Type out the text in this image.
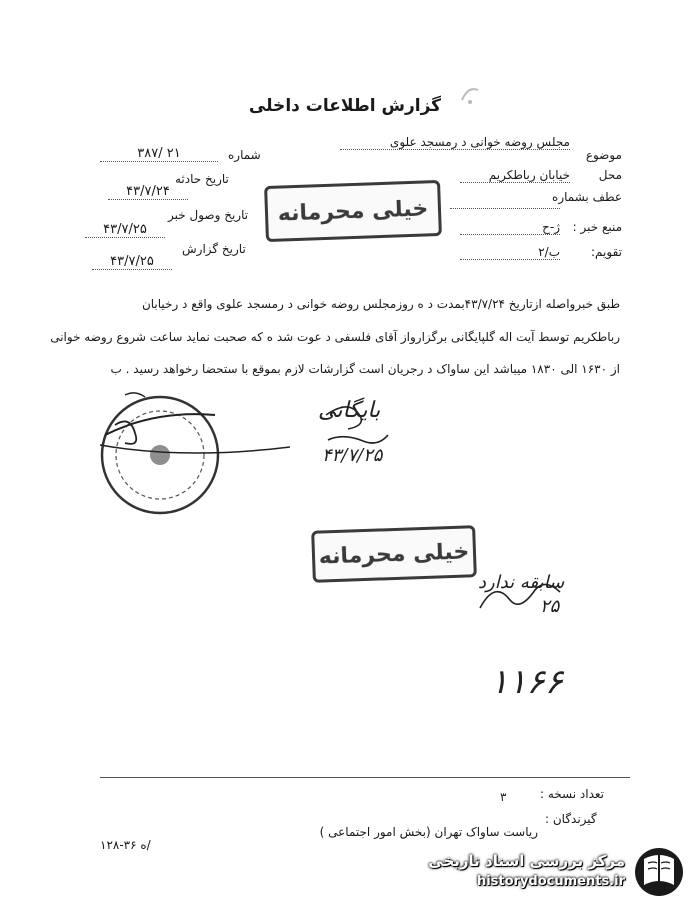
گزارش اطلاعات داخلی
موضوع
مجلس روضه خوانی د رمسجد علوی
محل
خیابان رباطکریم
عطف بشماره
منبع خبر :
ژ-ح
تقویم:
ب/۲
شماره
۳۸۷/ ۲۱
تاریخ حادثه
۴۳/۷/۲۴
تاریخ وصول خبر
۴۳/۷/۲۵
تاریخ گزارش
۴۳/۷/۲۵
خیلی محرمانه
طبق خبرواصله ازتاریخ ۴۳/۷/۲۴بمدت د ه روزمجلس روضه خوانی د رمسجد علوی واقع د رخیابان
رباطکریم توسط آیت اله گلپایگانی برگزارواز آقای فلسفی د عوت شد ه که صحبت نماید ساعت شروع روضه خوانی
از ۱۶۳۰ الی ۱۸۳۰ میباشد این ساواک د رجریان است گزارشات لازم بموقع با ستحضا رخواهد رسید . ب
بایگانی
۴۳/۷/۲۵
خیلی محرمانه
سابقه ندارد
۲۵
۱۱۶۶
تعداد نسخه :
۳
گیرندگان :
ریاست ساواک تهران (بخش امور اجتماعی )
۱۲۸-۳۶ ه/
مرکز بررسی اسناد تاریخی
historydocuments.ir
